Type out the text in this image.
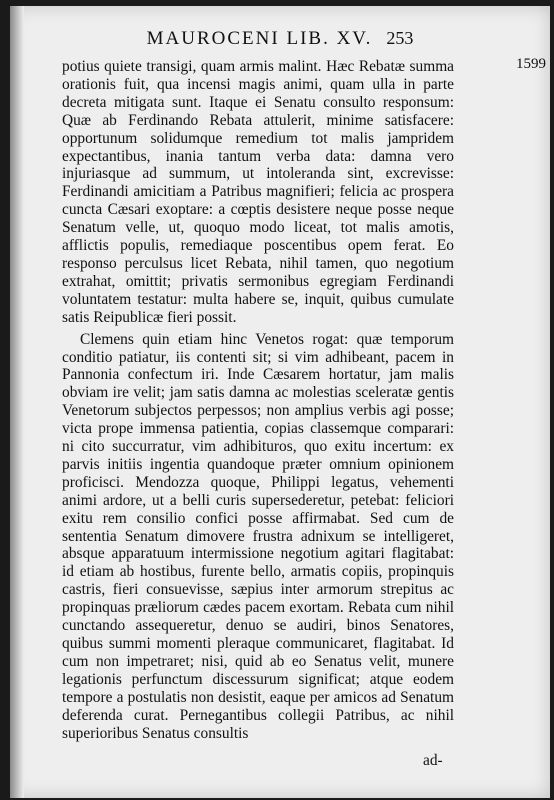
MAUROCENI LIB. XV. 253
1599

potius quiete transigi, quam armis malint. Hæc Rebatæ summa orationis fuit, qua incensi magis animi, quam ulla in parte decreta mitigata sunt. Itaque ei Senatu consulto responsum: Quæ ab Ferdinando Rebata attulerit, minime satisfacere: opportunum solidumque remedium tot malis jampridem expectantibus, inania tantum verba data: damna vero injuriasque ad summum, ut intoleranda sint, excrevisse: Ferdinandi amicitiam a Patribus magnifieri; felicia ac prospera cuncta Cæsari exoptare: a cœptis desistere neque posse neque Senatum velle, ut, quoquo modo liceat, tot malis amotis, afflictis populis, remediaque poscentibus opem ferat. Eo responso perculsus licet Rebata, nihil tamen, quo negotium extrahat, omittit; privatis sermonibus egregiam Ferdinandi voluntatem testatur: multa habere se, inquit, quibus cumulate satis Reipublicæ fieri possit.

Clemens quin etiam hinc Venetos rogat: quæ temporum conditio patiatur, iis contenti sit; si vim adhibeant, pacem in Pannonia confectum iri. Inde Cæsarem hortatur, jam malis obviam ire velit; jam satis damna ac molestias sceleratæ gentis Venetorum subjectos perpessos; non amplius verbis agi posse; victa prope immensa patientia, copias classemque comparari: ni cito succurratur, vim adhibituros, quo exitu incertum: ex parvis initiis ingentia quandoque præter omnium opinionem proficisci. Mendozza quoque, Philippi legatus, vehementi animi ardore, ut a belli curis supersederetur, petebat: feliciori exitu rem consilio confici posse affirmabat. Sed cum de sententia Senatum dimovere frustra adnixum se intelligeret, absque apparatuum intermissione negotium agitari flagitabat: id etiam ab hostibus, furente bello, armatis copiis, propinquis castris, fieri consuevisse, sæpius inter armorum strepitus ac propinquas præliorum cædes pacem exortam. Rebata cum nihil cunctando assequeretur, denuo se audiri, binos Senatores, quibus summi momenti pleraque communicaret, flagitabat. Id cum non impetraret; nisi, quid ab eo Senatus velit, munere legationis perfunctum discessurum significat; atque eodem tempore a postulatis non desistit, eaque per amicos ad Senatum deferenda curat. Pernegantibus collegii Patribus, ac nihil superioribus Senatus consultis

ad-
